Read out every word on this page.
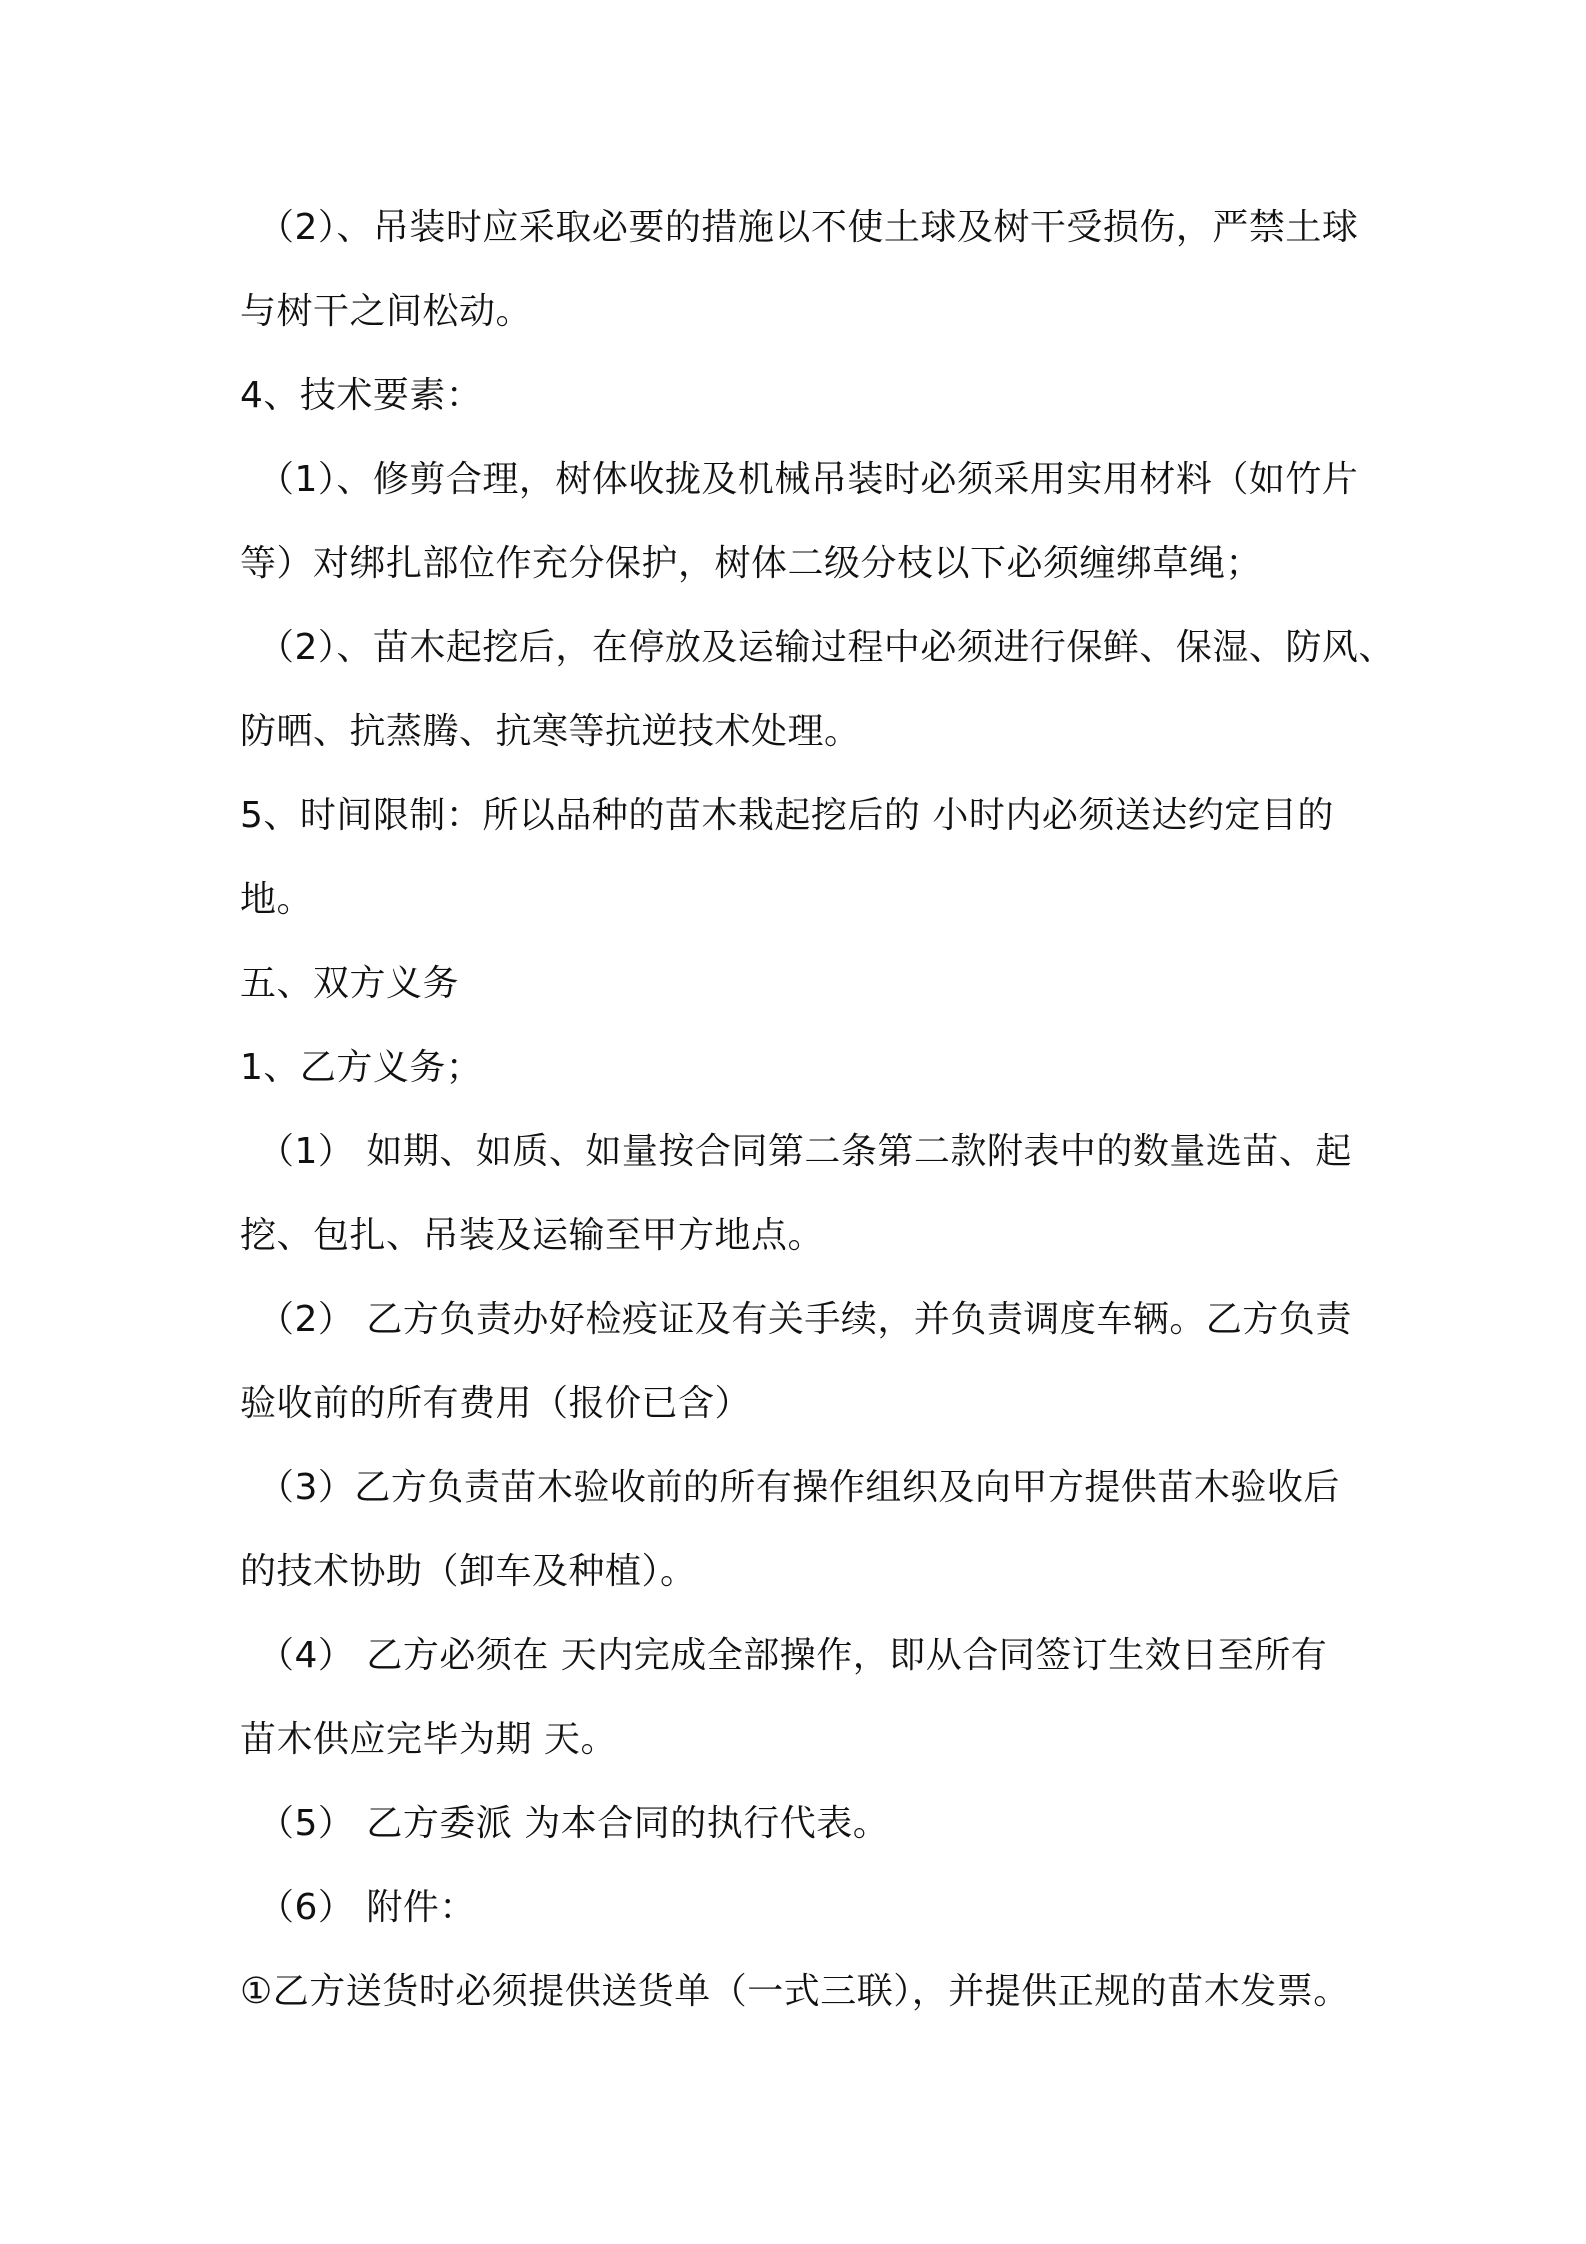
（2）、吊装时应采取必要的措施以不使土球及树干受损伤，严禁土球
与树干之间松动。
4、技术要素：
（1）、修剪合理，树体收拢及机械吊装时必须采用实用材料（如竹片
等）对绑扎部位作充分保护，树体二级分枝以下必须缠绑草绳；
（2）、苗木起挖后，在停放及运输过程中必须进行保鲜、保湿、防风、
防晒、抗蒸腾、抗寒等抗逆技术处理。
5、时间限制：所以品种的苗木栽起挖后的 小时内必须送达约定目的
地。
五、双方义务
1、乙方义务；
（1） 如期、如质、如量按合同第二条第二款附表中的数量选苗、起
挖、包扎、吊装及运输至甲方地点。
（2） 乙方负责办好检疫证及有关手续，并负责调度车辆。乙方负责
验收前的所有费用（报价已含）
（3）乙方负责苗木验收前的所有操作组织及向甲方提供苗木验收后
的技术协助（卸车及种植）。
（4） 乙方必须在 天内完成全部操作，即从合同签订生效日至所有
苗木供应完毕为期 天。
（5） 乙方委派 为本合同的执行代表。
（6） 附件：
①乙方送货时必须提供送货单（一式三联），并提供正规的苗木发票。
